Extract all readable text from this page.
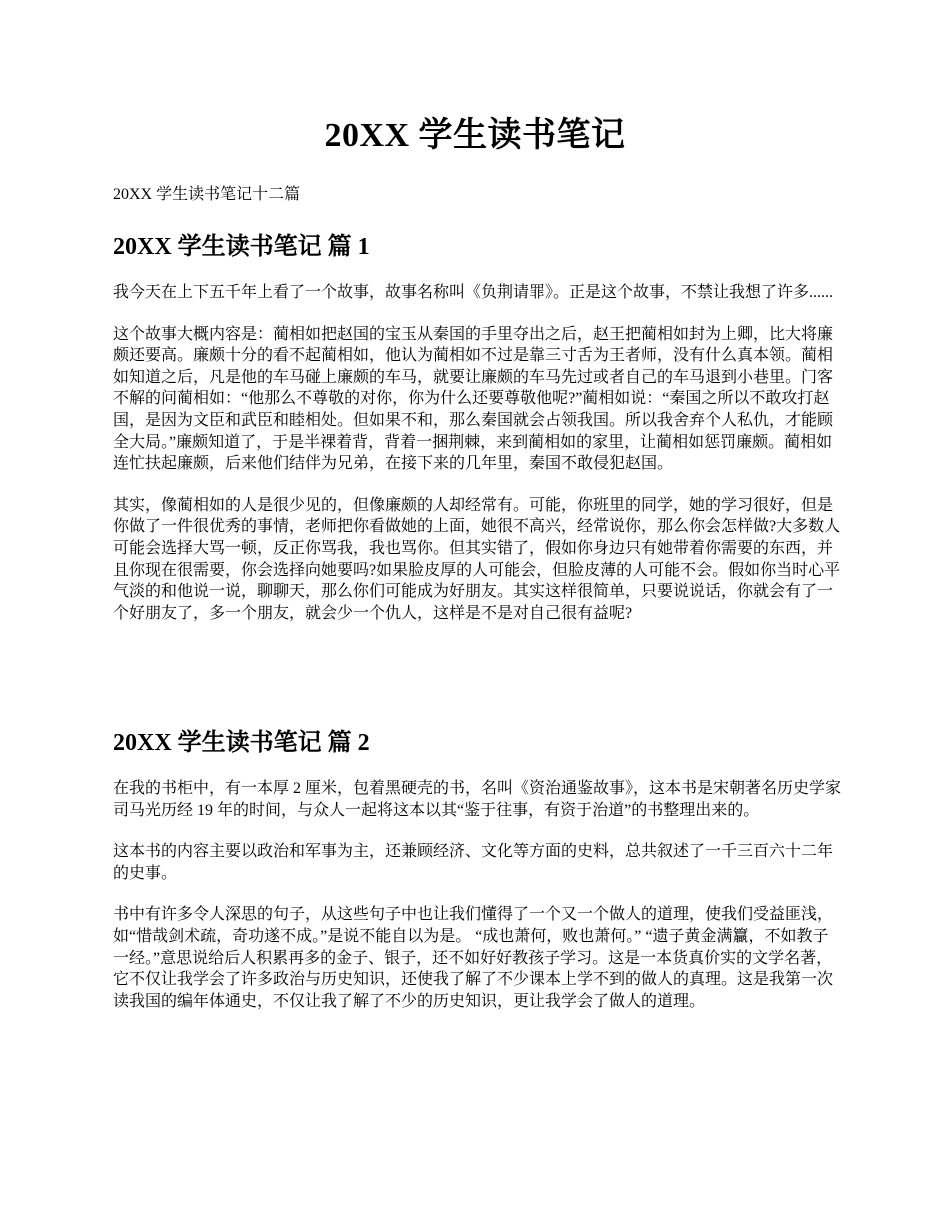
20XX 学生读书笔记

20XX 学生读书笔记十二篇

20XX 学生读书笔记 篇 1

我今天在上下五千年上看了一个故事，故事名称叫《负荆请罪》。正是这个故事，不禁让我想了许多......

这个故事大概内容是：蔺相如把赵国的宝玉从秦国的手里夺出之后，赵王把蔺相如封为上卿，比大将廉颇还要高。廉颇十分的看不起蔺相如，他认为蔺相如不过是靠三寸舌为王者师，没有什么真本领。蔺相如知道之后，凡是他的车马碰上廉颇的车马，就要让廉颇的车马先过或者自己的车马退到小巷里。门客不解的问蔺相如：“他那么不尊敬的对你，你为什么还要尊敬他呢?”蔺相如说：“秦国之所以不敢攻打赵国，是因为文臣和武臣和睦相处。但如果不和，那么秦国就会占领我国。所以我舍弃个人私仇，才能顾全大局。”廉颇知道了，于是半裸着背，背着一捆荆棘，来到蔺相如的家里，让蔺相如惩罚廉颇。蔺相如连忙扶起廉颇，后来他们结伴为兄弟，在接下来的几年里，秦国不敢侵犯赵国。

其实，像蔺相如的人是很少见的，但像廉颇的人却经常有。可能，你班里的同学，她的学习很好，但是你做了一件很优秀的事情，老师把你看做她的上面，她很不高兴，经常说你，那么你会怎样做?大多数人可能会选择大骂一顿，反正你骂我，我也骂你。但其实错了，假如你身边只有她带着你需要的东西，并且你现在很需要，你会选择向她要吗?如果脸皮厚的人可能会，但脸皮薄的人可能不会。假如你当时心平气淡的和他说一说，聊聊天，那么你们可能成为好朋友。其实这样很简单，只要说说话，你就会有了一个好朋友了，多一个朋友，就会少一个仇人，这样是不是对自己很有益呢?

20XX 学生读书笔记 篇 2

在我的书柜中，有一本厚 2 厘米，包着黑硬壳的书，名叫《资治通鉴故事》，这本书是宋朝著名历史学家司马光历经 19 年的时间，与众人一起将这本以其“鉴于往事，有资于治道”的书整理出来的。

这本书的内容主要以政治和军事为主，还兼顾经济、文化等方面的史料，总共叙述了一千三百六十二年的史事。

书中有许多令人深思的句子，从这些句子中也让我们懂得了一个又一个做人的道理，使我们受益匪浅，如“惜哉剑术疏，奇功遂不成。”是说不能自以为是。 “成也萧何，败也萧何。” “遗子黄金满籯，不如教子一经。”意思说给后人积累再多的金子、银子，还不如好好教孩子学习。这是一本货真价实的文学名著，它不仅让我学会了许多政治与历史知识，还使我了解了不少课本上学不到的做人的真理。这是我第一次读我国的编年体通史，不仅让我了解了不少的历史知识，更让我学会了做人的道理。
